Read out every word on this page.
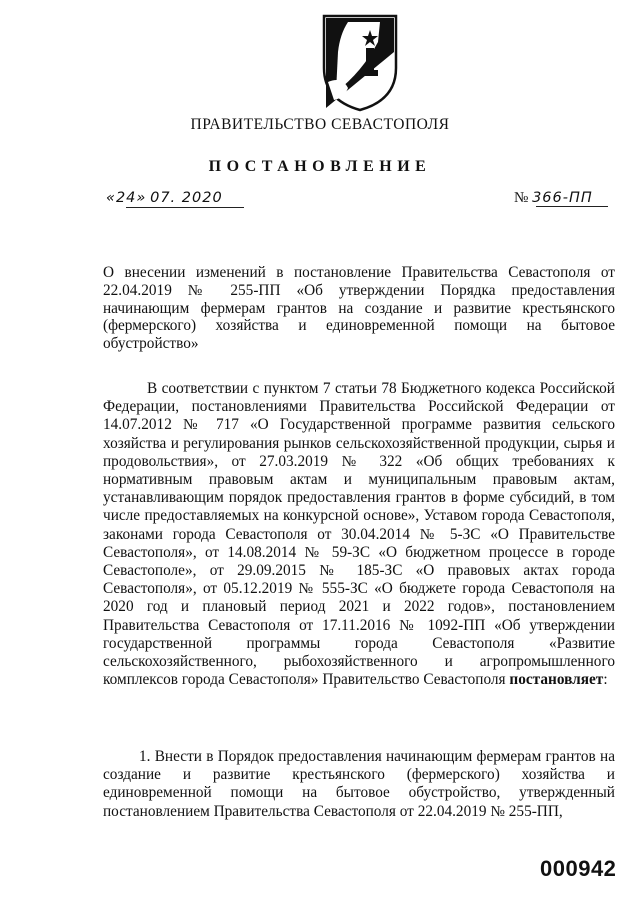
ПРАВИТЕЛЬСТВО СЕВАСТОПОЛЯ
ПОСТАНОВЛЕНИЕ
«24» 07. 2020	№ 366-ПП
О внесении изменений в постановление Правительства Севастополя от 22.04.2019 № 255-ПП «Об утверждении Порядка предоставления начинающим фермерам грантов на создание и развитие крестьянского (фермерского) хозяйства и единовременной помощи на бытовое обустройство»
В соответствии с пунктом 7 статьи 78 Бюджетного кодекса Российской Федерации, постановлениями Правительства Российской Федерации от 14.07.2012 № 717 «О Государственной программе развития сельского хозяйства и регулирования рынков сельскохозяйственной продукции, сырья и продовольствия», от 27.03.2019 № 322 «Об общих требованиях к нормативным правовым актам и муниципальным правовым актам, устанавливающим порядок предоставления грантов в форме субсидий, в том числе предоставляемых на конкурсной основе», Уставом города Севастополя, законами города Севастополя от 30.04.2014 № 5-ЗС «О Правительстве Севастополя», от 14.08.2014 № 59-ЗС «О бюджетном процессе в городе Севастополе», от 29.09.2015 № 185-ЗС «О правовых актах города Севастополя», от 05.12.2019 № 555-ЗС «О бюджете города Севастополя на 2020 год и плановый период 2021 и 2022 годов», постановлением Правительства Севастополя от 17.11.2016 № 1092-ПП «Об утверждении государственной программы города Севастополя «Развитие сельскохозяйственного, рыбохозяйственного и агропромышленного комплексов города Севастополя» Правительство Севастополя постановляет:
1. Внести в Порядок предоставления начинающим фермерам грантов на создание и развитие крестьянского (фермерского) хозяйства и единовременной помощи на бытовое обустройство, утвержденный постановлением Правительства Севастополя от 22.04.2019 № 255-ПП,
000942
